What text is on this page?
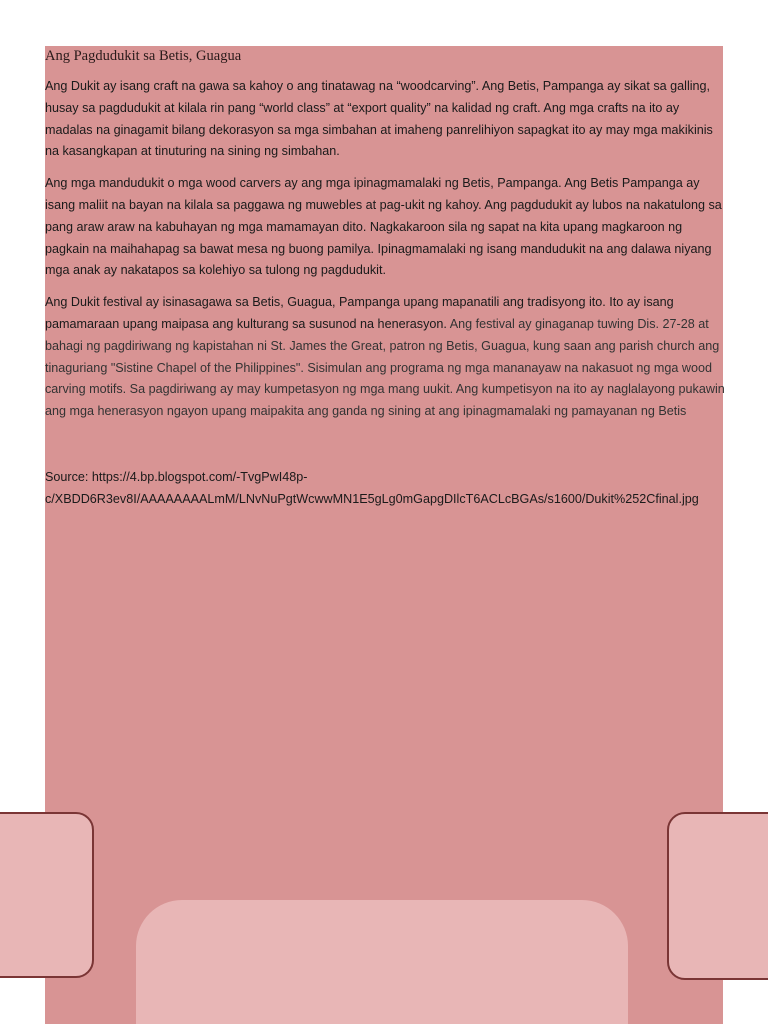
Ang Pagdudukit sa Betis, Guagua

Ang Dukit ay isang craft na gawa sa kahoy o ang tinatawag na “woodcarving”. Ang Betis, Pampanga ay sikat sa galling, husay sa pagdudukit at kilala rin pang “world class” at “export quality” na kalidad ng craft. Ang mga crafts na ito ay madalas na ginagamit bilang dekorasyon sa mga simbahan at imaheng panrelihiyon sapagkat ito ay may mga makikinis na kasangkapan at tinuturing na sining ng simbahan.

Ang mga mandudukit o mga wood carvers ay ang mga ipinagmamalaki ng Betis, Pampanga. Ang Betis Pampanga ay isang maliit na bayan na kilala sa paggawa ng muwebles at pag-ukit ng kahoy. Ang pagdudukit ay lubos na nakatulong sa pang araw araw na kabuhayan ng mga mamamayan dito. Nagkakaroon sila ng sapat na kita upang magkaroon ng pagkain na maihahapag sa bawat mesa ng buong pamilya. Ipinagmamalaki ng isang mandudukit na ang dalawa niyang mga anak ay nakatapos sa kolehiyo sa tulong ng pagdudukit.

Ang Dukit festival ay isinasagawa sa Betis, Guagua, Pampanga upang mapanatili ang tradisyong ito. Ito ay isang pamamaraan upang maipasa ang kulturang sa susunod na henerasyon. Ang festival ay ginaganap tuwing Dis. 27-28 at bahagi ng pagdiriwang ng kapistahan ni St. James the Great, patron ng Betis, Guagua, kung saan ang parish church ang tinaguriang "Sistine Chapel of the Philippines". Sisimulan ang programa ng mga mananayaw na nakasuot ng mga wood carving motifs. Sa pagdiriwang ay may kumpetasyon ng mga mang uukit. Ang kumpetisyon na ito ay naglalayong pukawin ang mga henerasyon ngayon upang maipakita ang ganda ng sining at ang ipinagmamalaki ng pamayanan ng Betis

Source: https://4.bp.blogspot.com/-TvgPwI48p-c/XBDD6R3ev8I/AAAAAAAALmM/LNvNuPgtWcwwMN1E5gLg0mGapgDIlcT6ACLcBGAs/s1600/Dukit%252Cfinal.jpg
